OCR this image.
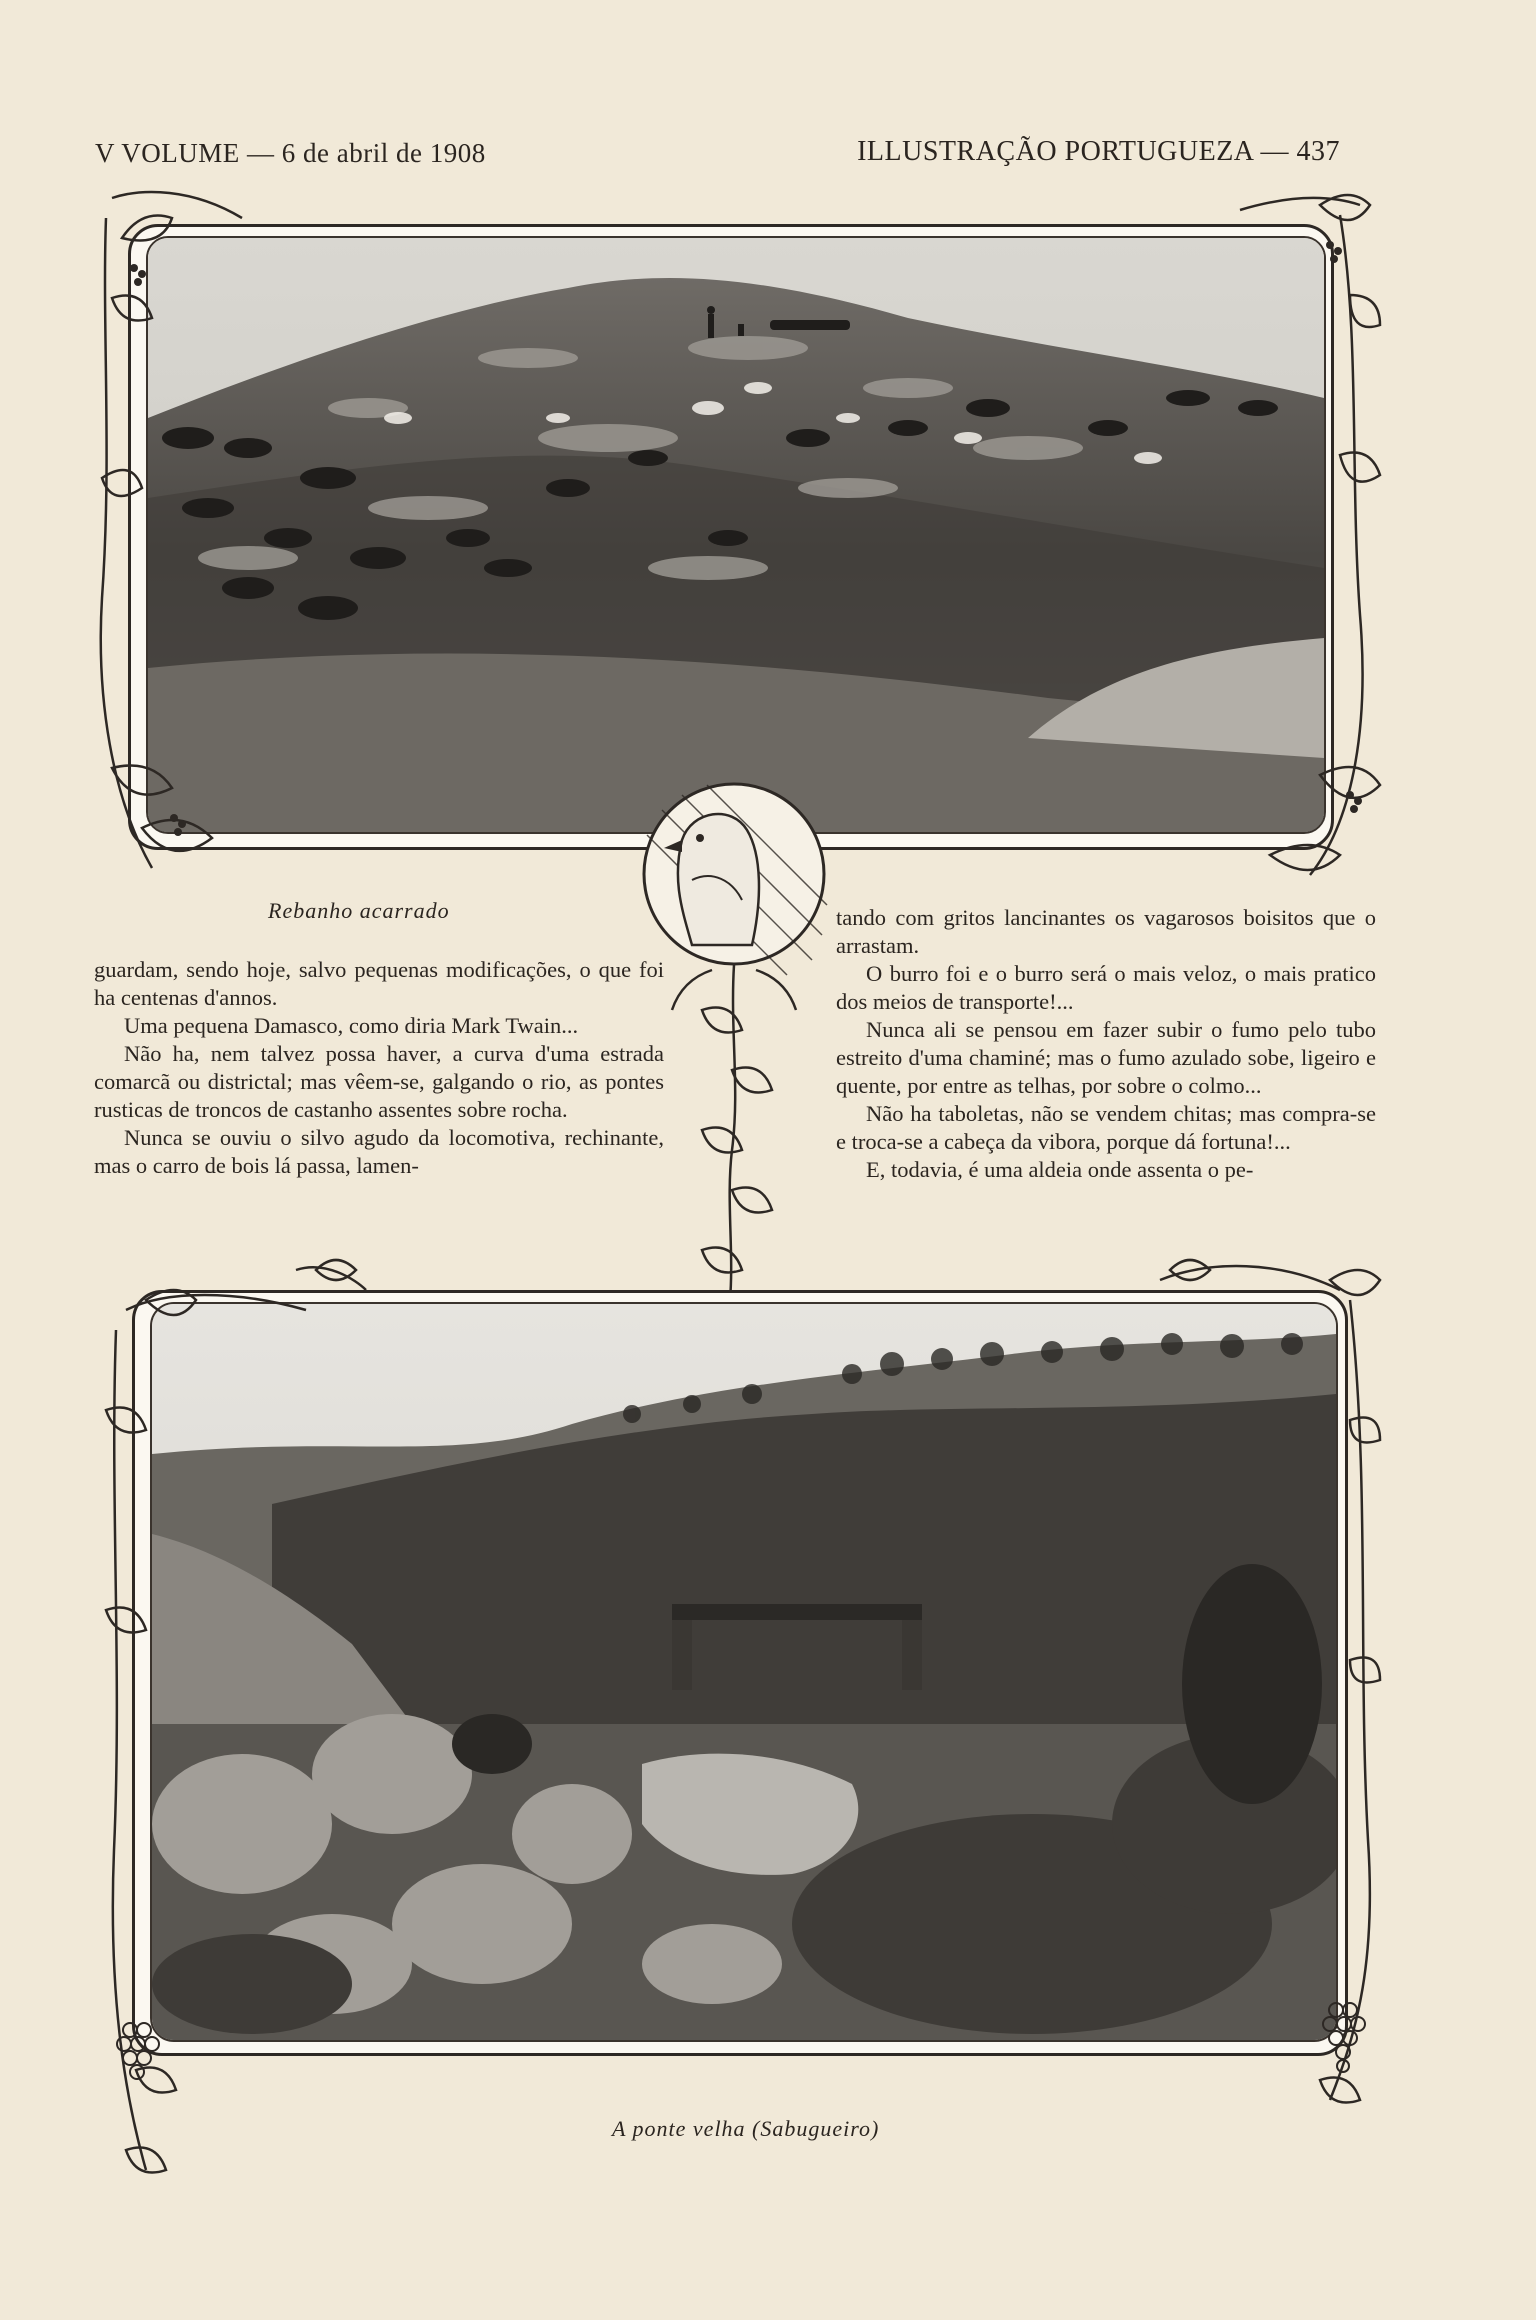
V VOLUME — 6 de abril de 1908	ILLUSTRAÇÃO PORTUGUEZA — 437
Rebanho acarrado

guardam, sendo hoje, salvo pequenas modificações, o que foi ha centenas d'annos.

Uma pequena Damasco, como diria Mark Twain...

Não ha, nem talvez possa haver, a curva d'uma estrada comarcã ou districtal; mas vêem-se, galgando o rio, as pontes rusticas de troncos de castanho assentes sobre rocha.

Nunca se ouviu o silvo agudo da locomotiva, rechinante, mas o carro de bois lá passa, lamen-

tando com gritos lancinantes os vagarosos boisitos que o arrastam.

O burro foi e o burro será o mais veloz, o mais pratico dos meios de transporte!...

Nunca ali se pensou em fazer subir o fumo pelo tubo estreito d'uma chaminé; mas o fumo azulado sobe, ligeiro e quente, por entre as telhas, por sobre o colmo...

Não ha taboletas, não se vendem chitas; mas compra-se e troca-se a cabeça da vibora, porque dá fortuna!...

E, todavia, é uma aldeia onde assenta o pe-

A ponte velha (Sabugueiro)
